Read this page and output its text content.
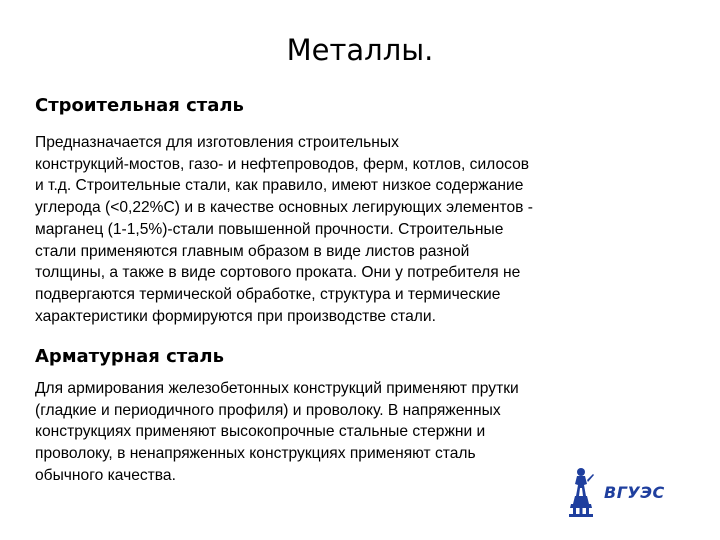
Металлы.
Строительная сталь

Предназначается для изготовления строительных
конструкций-мостов, газо- и нефтепроводов, ферм, котлов, силосов
и т.д. Строительные стали, как правило, имеют низкое содержание
углерода (<0,22%С) и в качестве основных легирующих элементов -
марганец (1-1,5%)-стали повышенной прочности. Строительные
стали применяются главным образом в виде листов разной
толщины, а также в виде сортового проката. Они у потребителя не
подвергаются термической обработке, структура и термические
характеристики формируются при производстве стали.

Арматурная сталь

Для армирования железобетонных конструкций применяют прутки
(гладкие и периодичного профиля) и проволоку. В напряженных
конструкциях применяют высокопрочные стальные стержни и
проволоку, в ненапряженных конструкциях применяют сталь
обычного качества.

ВГУЭС
